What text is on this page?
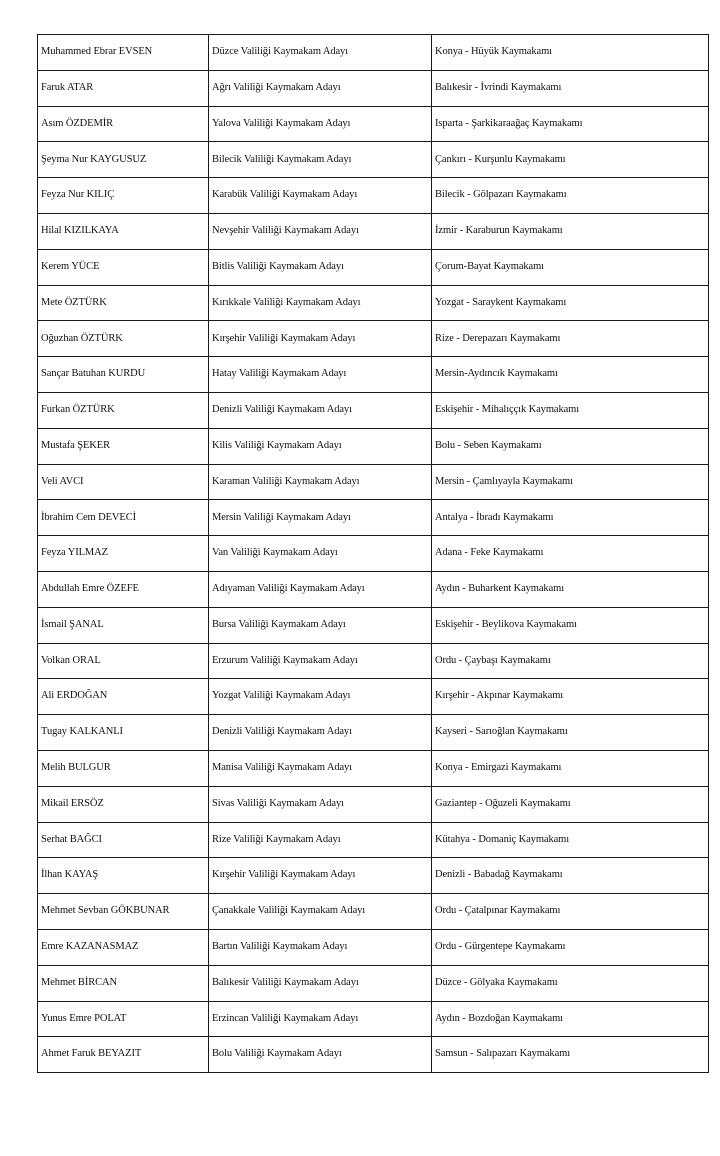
Muhammed Ebrar EVSEN	Düzce Valiliği Kaymakam Adayı	Konya - Hüyük Kaymakamı
Faruk ATAR	Ağrı Valiliği Kaymakam Adayı	Balıkesir - İvrindi Kaymakamı
Asım ÖZDEMİR	Yalova Valiliği Kaymakam Adayı	Isparta - Şarkikaraağaç Kaymakamı
Şeyma Nur KAYGUSUZ	Bilecik Valiliği Kaymakam Adayı	Çankırı - Kurşunlu Kaymakamı
Feyza Nur KILIÇ	Karabük Valiliği Kaymakam Adayı	Bilecik - Gölpazarı Kaymakamı
Hilal KIZILKAYA	Nevşehir Valiliği Kaymakam Adayı	İzmir - Karaburun Kaymakamı
Kerem YÜCE	Bitlis Valiliği Kaymakam Adayı	Çorum-Bayat Kaymakamı
Mete ÖZTÜRK	Kırıkkale Valiliği Kaymakam Adayı	Yozgat - Saraykent Kaymakamı
Oğuzhan ÖZTÜRK	Kırşehir Valiliği Kaymakam Adayı	Rize - Derepazarı Kaymakamı
Sançar Batuhan KURDU	Hatay Valiliği Kaymakam Adayı	Mersin-Aydıncık Kaymakamı
Furkan ÖZTÜRK	Denizli Valiliği Kaymakam Adayı	Eskişehir - Mihalıççık Kaymakamı
Mustafa ŞEKER	Kilis Valiliği Kaymakam Adayı	Bolu - Seben Kaymakamı
Veli AVCI	Karaman Valiliği Kaymakam Adayı	Mersin - Çamlıyayla Kaymakamı
İbrahim Cem DEVECİ	Mersin Valiliği Kaymakam Adayı	Antalya - İbradı Kaymakamı
Feyza YILMAZ	Van Valiliği Kaymakam Adayı	Adana - Feke Kaymakamı
Abdullah Emre ÖZEFE	Adıyaman Valiliği Kaymakam Adayı	Aydın - Buharkent Kaymakamı
İsmail ŞANAL	Bursa Valiliği Kaymakam Adayı	Eskişehir - Beylikova Kaymakamı
Volkan ORAL	Erzurum Valiliği Kaymakam Adayı	Ordu - Çaybaşı Kaymakamı
Ali ERDOĞAN	Yozgat Valiliği Kaymakam Adayı	Kırşehir - Akpınar Kaymakamı
Tugay KALKANLI	Denizli Valiliği Kaymakam Adayı	Kayseri - Sarıoğlan Kaymakamı
Melih BULGUR	Manisa Valiliği Kaymakam Adayı	Konya - Emirgazi Kaymakamı
Mikail ERSÖZ	Sivas Valiliği Kaymakam Adayı	Gaziantep - Oğuzeli Kaymakamı
Serhat BAĞCI	Rize Valiliği Kaymakam Adayı	Kütahya - Domaniç Kaymakamı
İlhan KAYAŞ	Kırşehir Valiliği Kaymakam Adayı	Denizli - Babadağ Kaymakamı
Mehmet Sevban GÖKBUNAR	Çanakkale Valiliği Kaymakam Adayı	Ordu - Çatalpınar Kaymakamı
Emre KAZANASMAZ	Bartın Valiliği Kaymakam Adayı	Ordu - Gürgentepe Kaymakamı
Mehmet BİRCAN	Balıkesir Valiliği Kaymakam Adayı	Düzce - Gölyaka Kaymakamı
Yunus Emre POLAT	Erzincan Valiliği Kaymakam Adayı	Aydın - Bozdoğan Kaymakamı
Ahmet Faruk BEYAZIT	Bolu Valiliği Kaymakam Adayı	Samsun - Salıpazarı Kaymakamı
